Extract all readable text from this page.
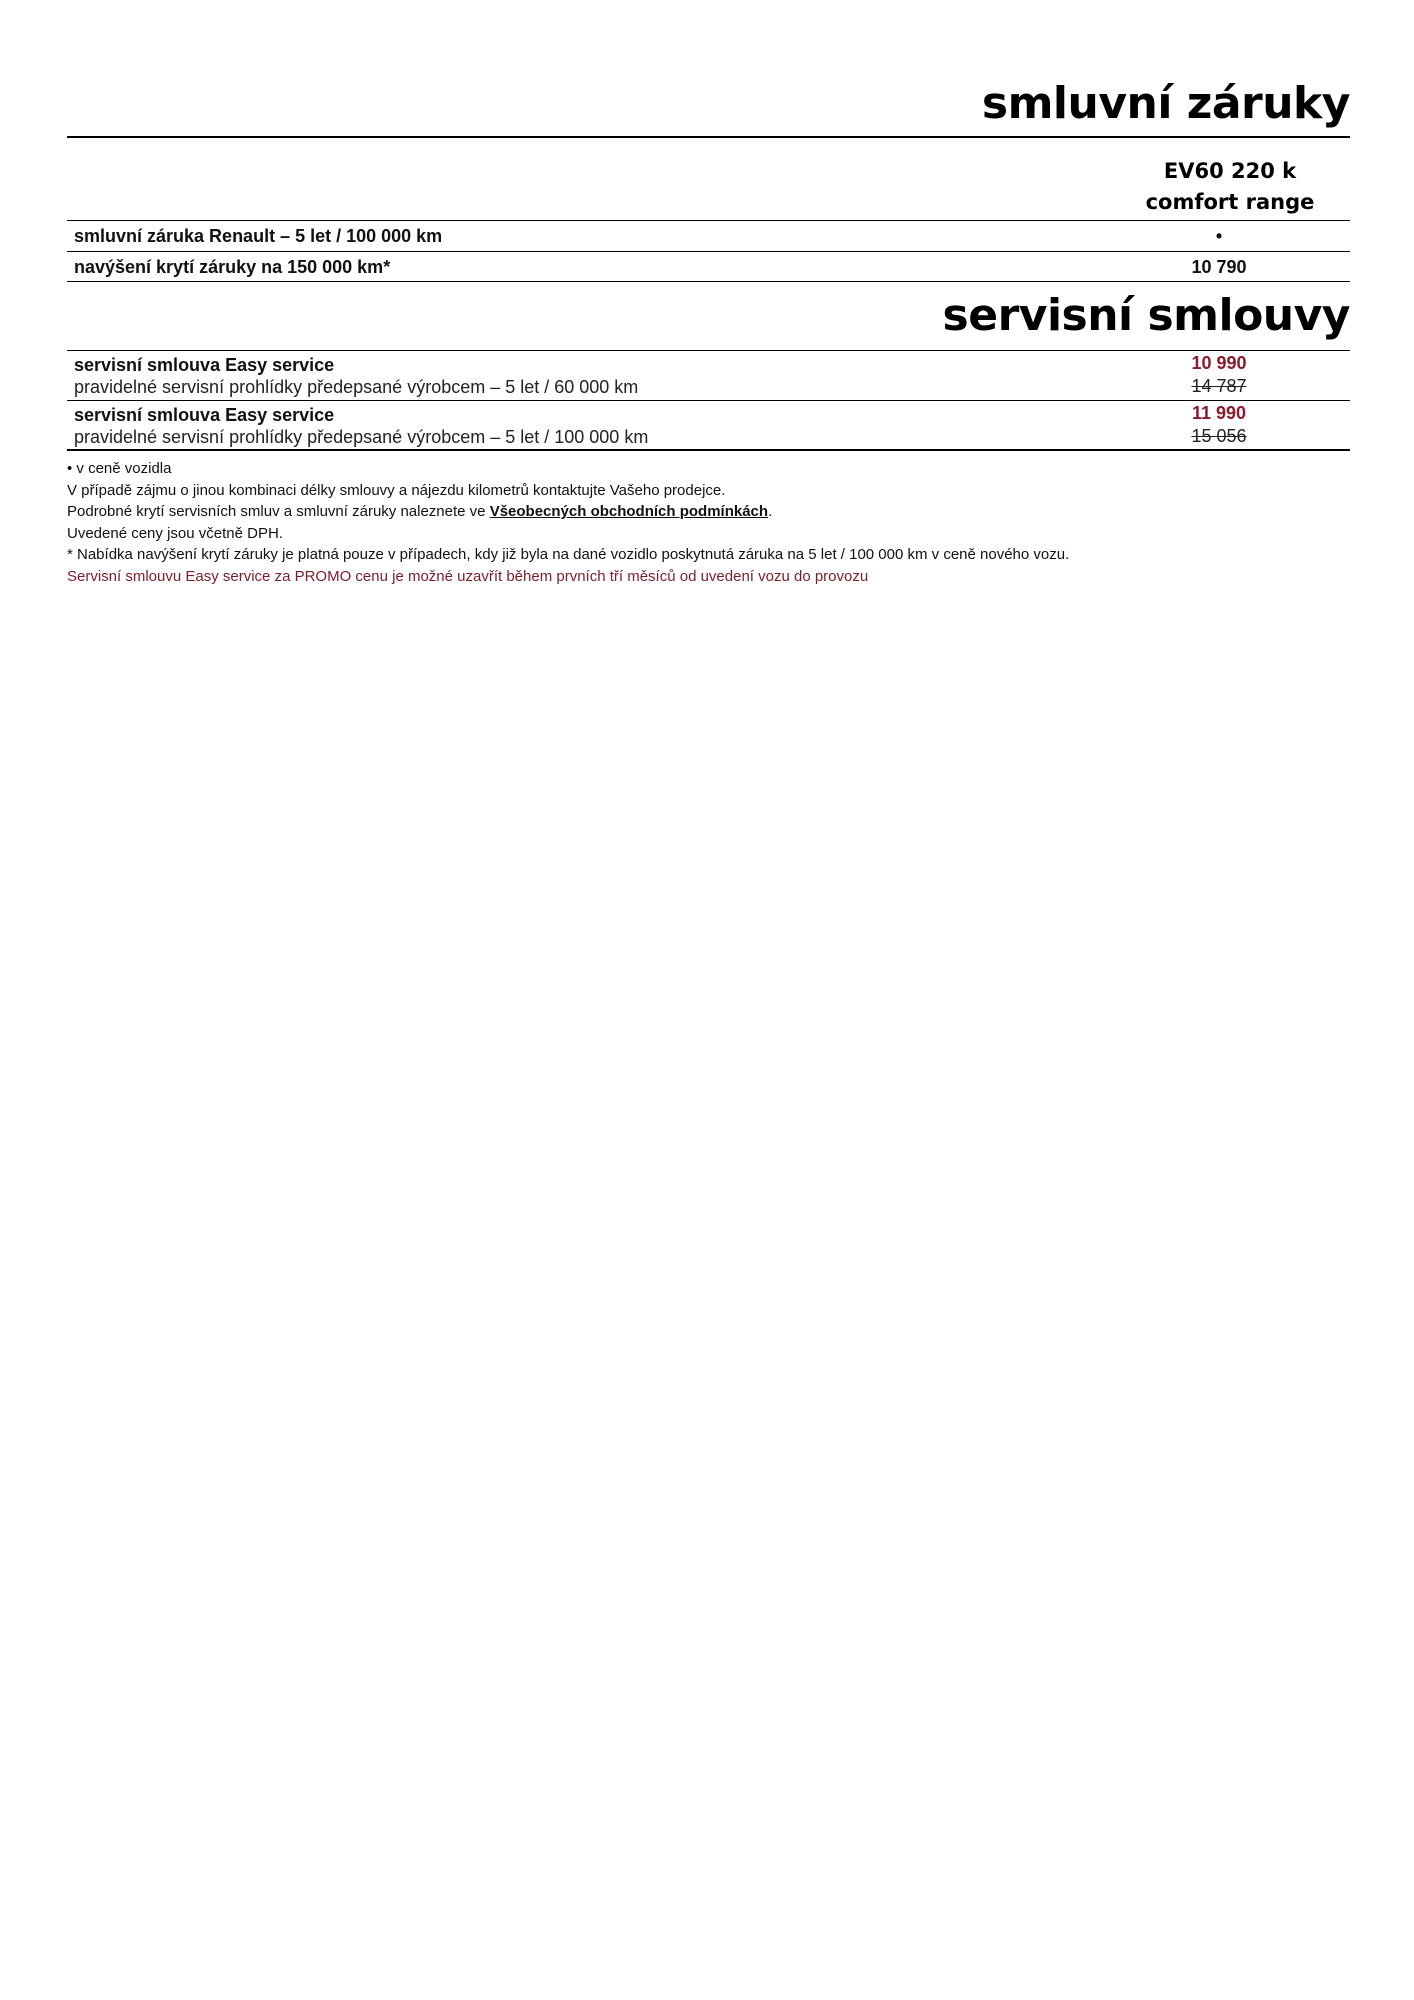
smluvní záruky
EV60 220 k
comfort range
smluvní záruka Renault – 5 let / 100 000 km	•
navýšení krytí záruky na 150 000 km*	10 790
servisní smlouvy
servisní smlouva Easy service
pravidelné servisní prohlídky předepsané výrobcem – 5 let / 60 000 km
10 990
14 787
servisní smlouva Easy service
pravidelné servisní prohlídky předepsané výrobcem – 5 let / 100 000 km
11 990
15 056
• v ceně vozidla
V případě zájmu o jinou kombinaci délky smlouvy a nájezdu kilometrů kontaktujte Vašeho prodejce.
Podrobné krytí servisních smluv a smluvní záruky naleznete ve Všeobecných obchodních podmínkách.
Uvedené ceny jsou včetně DPH.
* Nabídka navýšení krytí záruky je platná pouze v případech, kdy již byla na dané vozidlo poskytnutá záruka na 5 let / 100 000 km v ceně nového vozu.
Servisní smlouvu Easy service za PROMO cenu je možné uzavřít během prvních tří měsíců od uvedení vozu do provozu
